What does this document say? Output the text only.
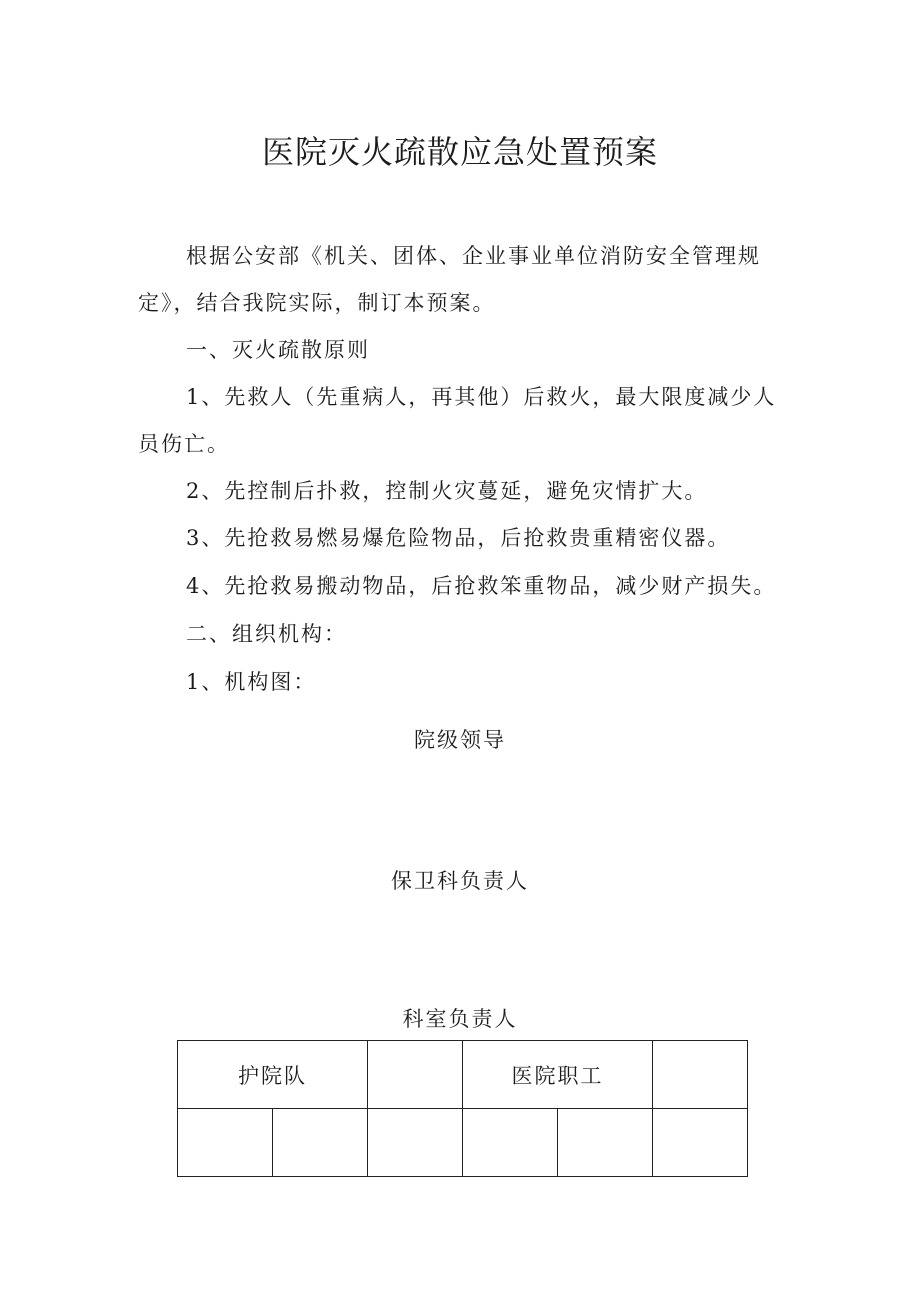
医院灭火疏散应急处置预案
根据公安部《机关、团体、企业事业单位消防安全管理规
定》，结合我院实际，制订本预案。
一、灭火疏散原则
1、先救人（先重病人，再其他）后救火，最大限度减少人
员伤亡。
2、先控制后扑救，控制火灾蔓延，避免灾情扩大。
3、先抢救易燃易爆危险物品，后抢救贵重精密仪器。
4、先抢救易搬动物品，后抢救笨重物品，减少财产损失。
二、组织机构：
1、机构图：
院级领导
保卫科负责人
科室负责人
护院队			医院职工		
